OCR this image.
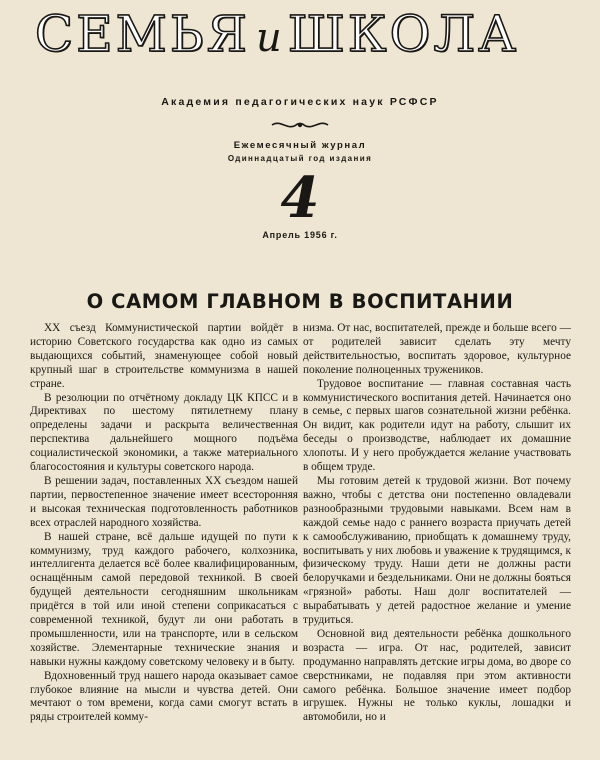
СЕМЬЯ и ШКОЛА
Академия педагогических наук РСФСР
Ежемесячный журнал
Одиннадцатый год издания
4
Апрель 1956 г.
О САМОМ ГЛАВНОМ В ВОСПИТАНИИ

XX съезд Коммунистической партии войдёт в историю Советского государства как одно из самых выдающихся событий, знаменующее собой новый крупный шаг в строительстве коммунизма в нашей стране.

В резолюции по отчётному докладу ЦК КПСС и в Директивах по шестому пятилетнему плану определены задачи и раскрыта величественная перспектива дальнейшего мощного подъёма социалистической экономики, а также материального благосостояния и культуры советского народа.

В решении задач, поставленных XX съездом нашей партии, первостепенное значение имеет всесторонняя и высокая техническая подготовленность работников всех отраслей народного хозяйства.

В нашей стране, всё дальше идущей по пути к коммунизму, труд каждого рабочего, колхозника, интеллигента делается всё более квалифицированным, оснащённым самой передовой техникой. В своей будущей деятельности сегодняшним школьникам придётся в той или иной степени соприкасаться с современной техникой, будут ли они работать в промышленности, или на транспорте, или в сельском хозяйстве. Элементарные технические знания и навыки нужны каждому советскому человеку и в быту.

Вдохновенный труд нашего народа оказывает самое глубокое влияние на мысли и чувства детей. Они мечтают о том времени, когда сами смогут встать в ряды строителей комму-

низма. От нас, воспитателей, прежде и больше всего — от родителей зависит сделать эту мечту действительностью, воспитать здоровое, культурное поколение полноценных тружеников.

Трудовое воспитание — главная составная часть коммунистического воспитания детей. Начинается оно в семье, с первых шагов сознательной жизни ребёнка. Он видит, как родители идут на работу, слышит их беседы о производстве, наблюдает их домашние хлопоты. И у него пробуждается желание участвовать в общем труде.

Мы готовим детей к трудовой жизни. Вот почему важно, чтобы с детства они постепенно овладевали разнообразными трудовыми навыками. Всем нам в каждой семье надо с раннего возраста приучать детей к самообслуживанию, приобщать к домашнему труду, воспитывать у них любовь и уважение к трудящимся, к физическому труду. Наши дети не должны расти белоручками и бездельниками. Они не должны бояться «грязной» работы. Наш долг воспитателей — вырабатывать у детей радостное желание и умение трудиться.

Основной вид деятельности ребёнка дошкольного возраста — игра. От нас, родителей, зависит продуманно направлять детские игры дома, во дворе со сверстниками, не подавляя при этом активности самого ребёнка. Большое значение имеет подбор игрушек. Нужны не только куклы, лошадки и автомобили, но и
